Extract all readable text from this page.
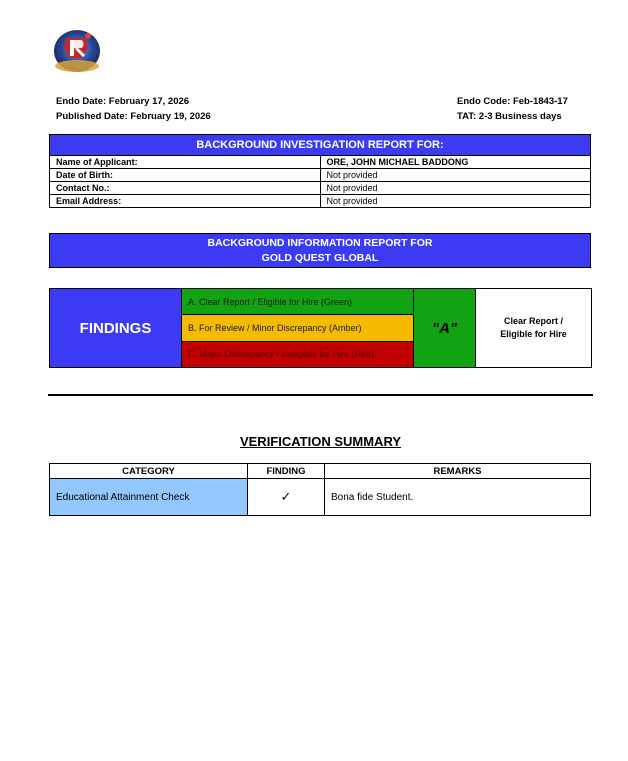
Endo Date: February 17, 2026
Published Date: February 19, 2026
Endo Code: Feb-1843-17
TAT: 2-3 Business days
BACKGROUND INVESTIGATION REPORT FOR:	
Name of Applicant:	ORE, JOHN MICHAEL BADDONG
Date of Birth:	Not provided
Contact No.:	Not provided
Email Address:	Not provided
BACKGROUND INFORMATION REPORT FOR
GOLD QUEST GLOBAL
FINDINGS
A. Clear Report / Eligible for Hire (Green)
B. For Review / Minor Discrepancy (Amber)
C. Major Discrepancy / Ineligible for Hire (Red)
"A"	Clear Report /
Eligible for Hire
VERIFICATION SUMMARY
CATEGORY	FINDING	REMARKS
Educational Attainment Check	✓	Bona fide Student.
